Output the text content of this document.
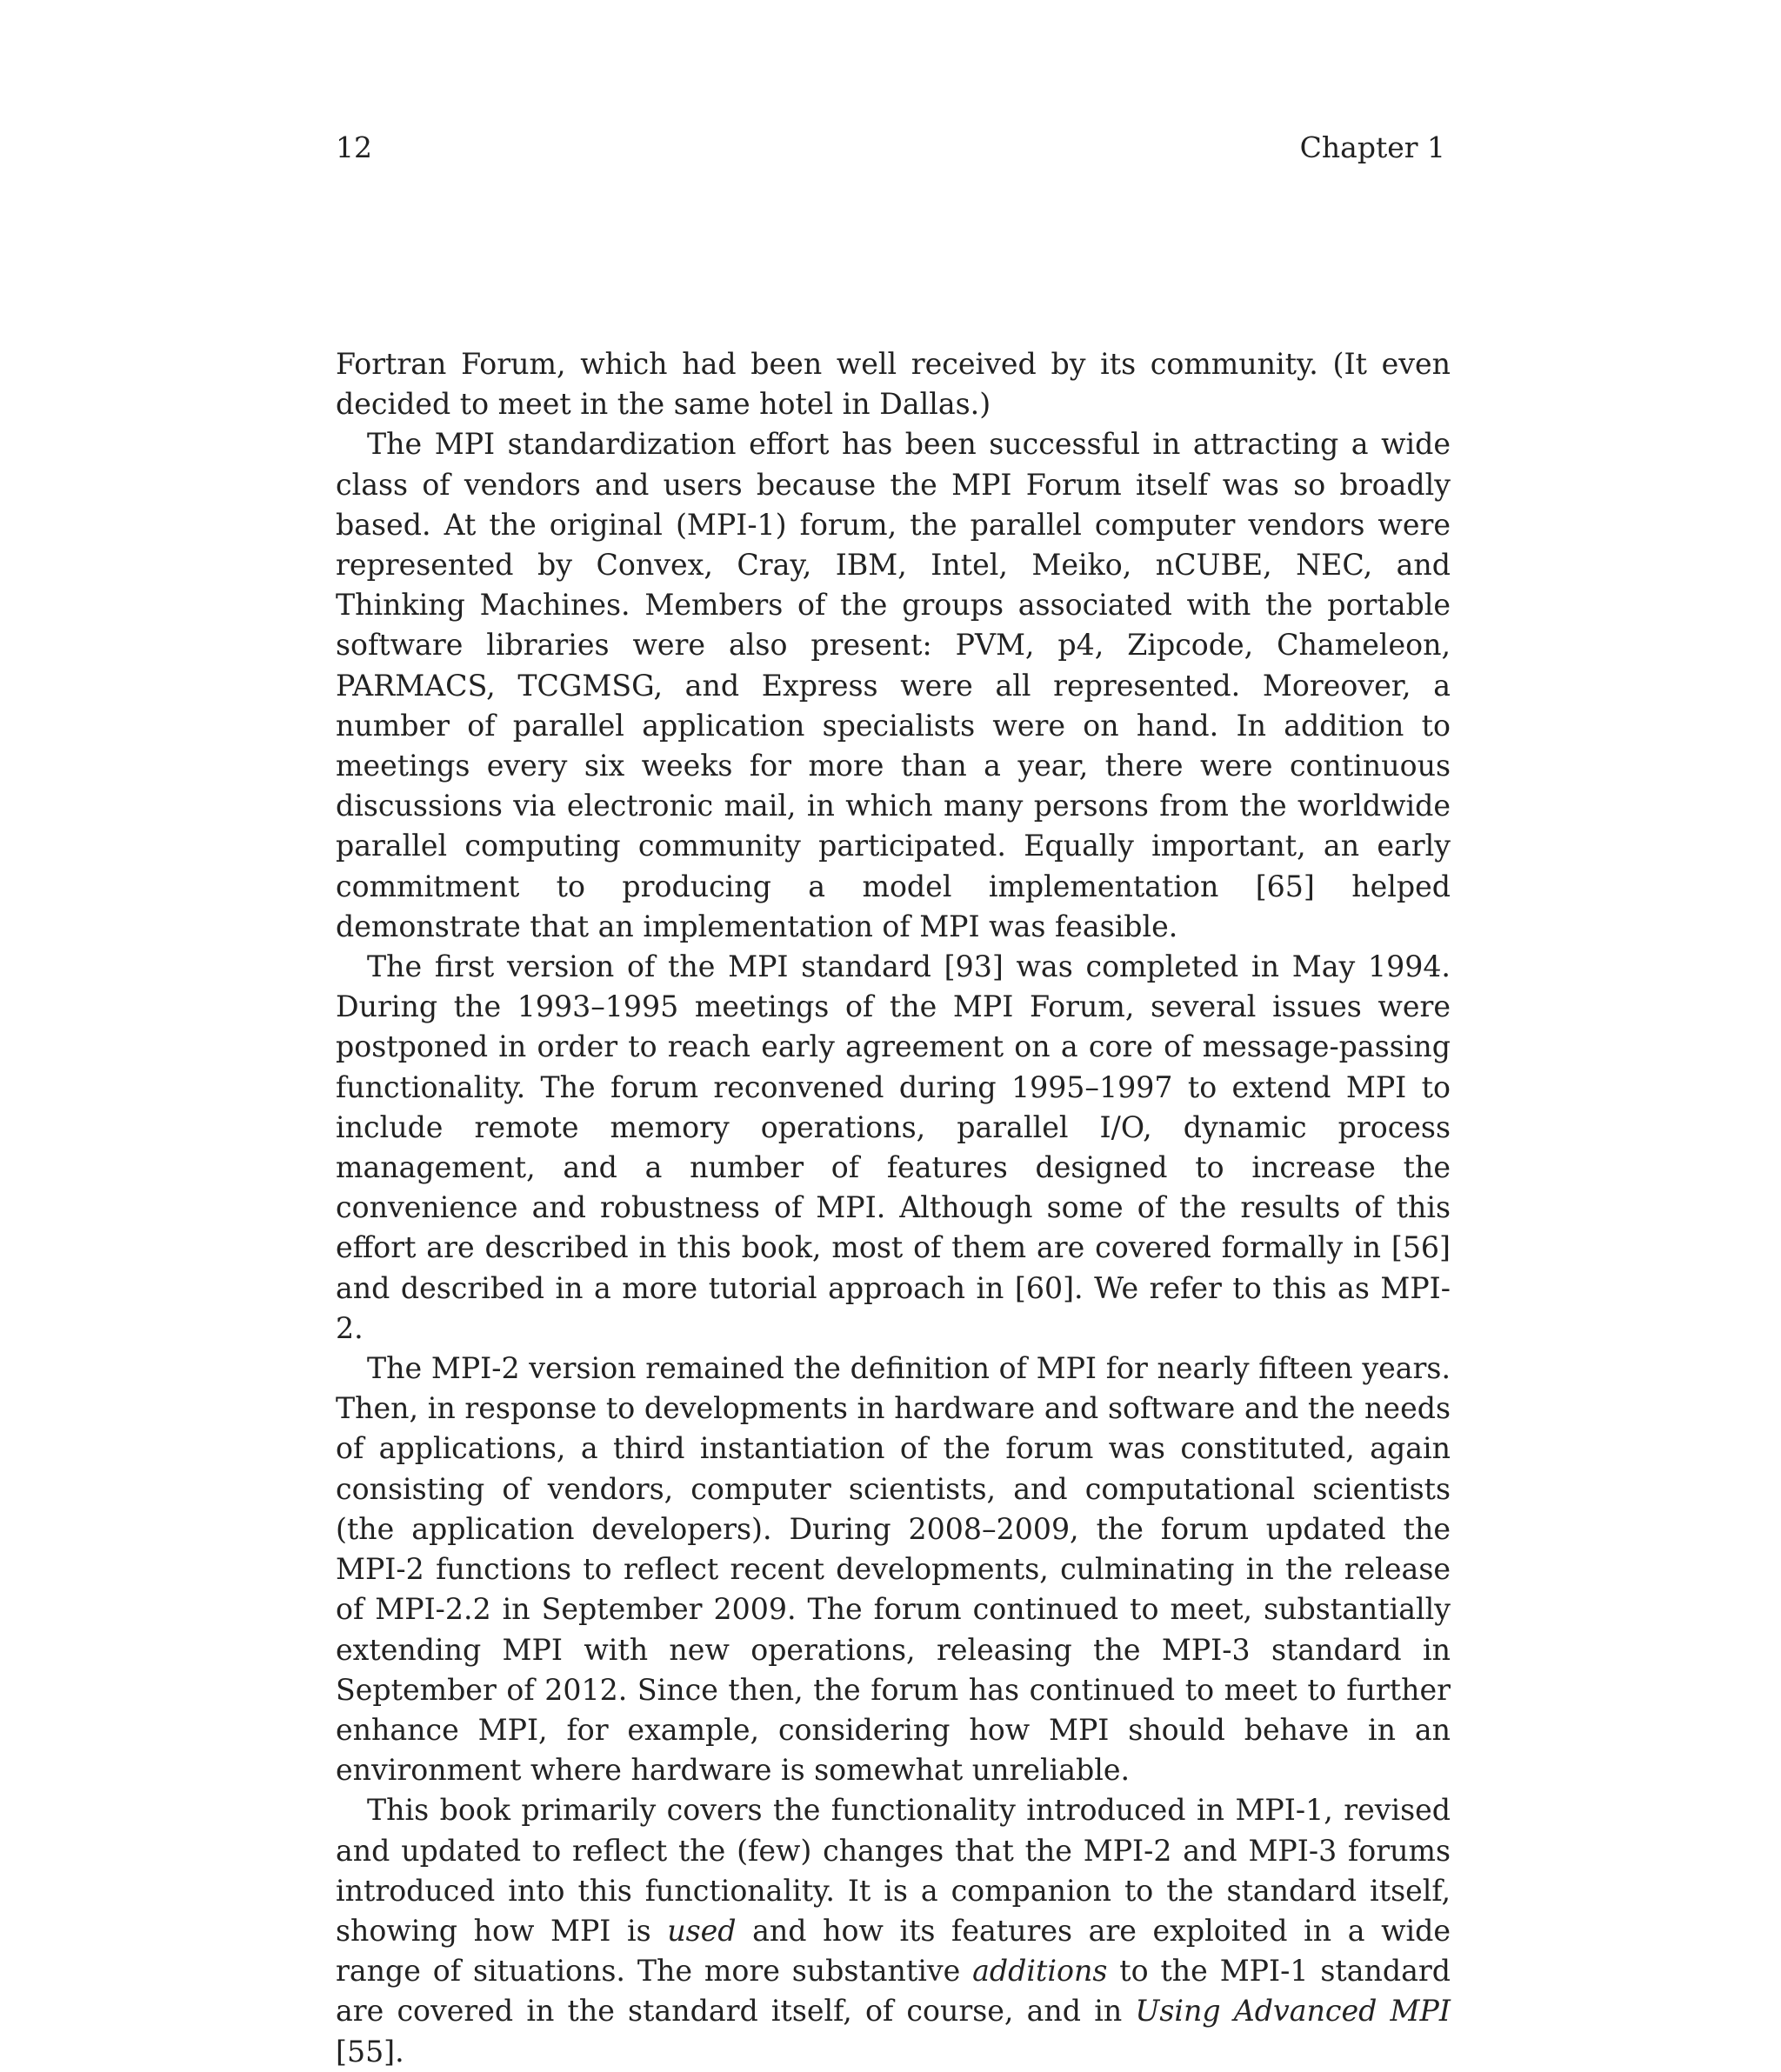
12	Chapter 1

Fortran Forum, which had been well received by its community. (It even decided to meet in the same hotel in Dallas.)

The MPI standardization effort has been successful in attracting a wide class of vendors and users because the MPI Forum itself was so broadly based. At the original (MPI-1) forum, the parallel computer vendors were represented by Convex, Cray, IBM, Intel, Meiko, nCUBE, NEC, and Thinking Machines. Members of the groups associated with the portable software libraries were also present: PVM, p4, Zipcode, Chameleon, PARMACS, TCGMSG, and Express were all represented. Moreover, a number of parallel application specialists were on hand. In addition to meetings every six weeks for more than a year, there were continuous discussions via electronic mail, in which many persons from the worldwide parallel computing community participated. Equally important, an early commitment to producing a model implementation [65] helped demonstrate that an implementation of MPI was feasible.

The first version of the MPI standard [93] was completed in May 1994. During the 1993–1995 meetings of the MPI Forum, several issues were postponed in order to reach early agreement on a core of message-passing functionality. The forum reconvened during 1995–1997 to extend MPI to include remote memory operations, parallel I/O, dynamic process management, and a number of features designed to increase the convenience and robustness of MPI. Although some of the results of this effort are described in this book, most of them are covered formally in [56] and described in a more tutorial approach in [60]. We refer to this as MPI-2.

The MPI-2 version remained the definition of MPI for nearly fifteen years. Then, in response to developments in hardware and software and the needs of applications, a third instantiation of the forum was constituted, again consisting of vendors, computer scientists, and computational scientists (the application developers). During 2008–2009, the forum updated the MPI-2 functions to reflect recent developments, culminating in the release of MPI-2.2 in September 2009. The forum continued to meet, substantially extending MPI with new operations, releasing the MPI-3 standard in September of 2012. Since then, the forum has continued to meet to further enhance MPI, for example, considering how MPI should behave in an environment where hardware is somewhat unreliable.

This book primarily covers the functionality introduced in MPI-1, revised and updated to reflect the (few) changes that the MPI-2 and MPI-3 forums introduced into this functionality. It is a companion to the standard itself, showing how MPI is used and how its features are exploited in a wide range of situations. The more substantive additions to the MPI-1 standard are covered in the standard itself, of course, and in Using Advanced MPI [55].
